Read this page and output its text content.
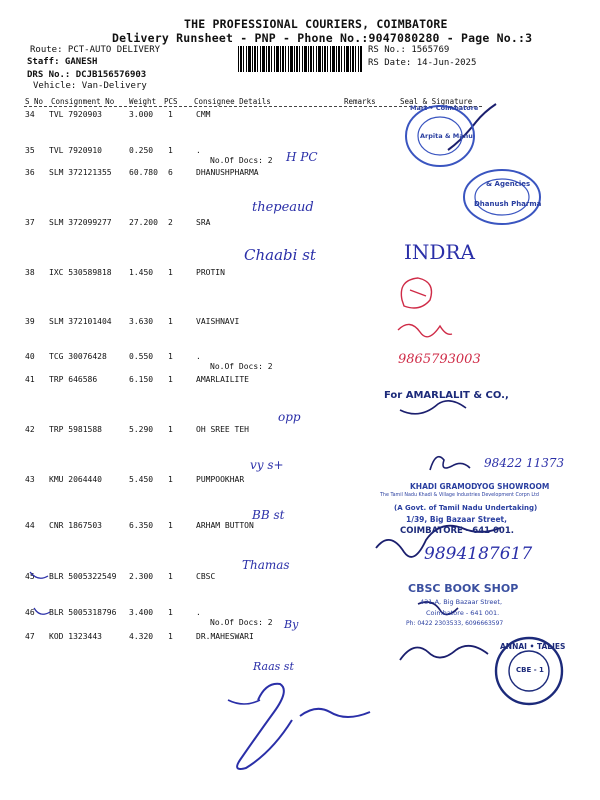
THE PROFESSIONAL COURIERS, COIMBATORE
Delivery Runsheet - PNP - Phone No.:9047080280 - Page No.:3
Route: PCT-AUTO DELIVERY
Staff: GANESH
DRS No.: DCJB156576903
Vehicle: Van-Delivery
RS No.: 1565769
RS Date: 14-Jun-2025
S No Consignment No Weight PCS Consignee Details	Remarks	Seal & Signature
34 TVL 7920903	3.000 1	CMM
35 TVL 7920910	0.250 1	.
No.Of Docs: 2
36 SLM 372121355 60.780 6	DHANUSHPHARMA
37 SLM 372099277 27.200 2	SRA
38 IXC 530589818 1.450 1	PROTIN
39 SLM 372101404 3.630 1	VAISHNAVI
40 TCG 30076428	0.550 1	.
No.Of Docs: 2
41 TRP 646586	6.150 1	AMARLAILITE
42 TRP 5981588	5.290 1	OH SREE TEH
43 KMU 2064440	5.450 1	PUMPOOKHAR
44 CNR 1867503	6.350 1	ARHAM BUTTON
45 BLR 5005322549 2.300 1	CBSC
46 BLR 5005318796 3.400 1	.
No.Of Docs: 2
47 KOD 1323443	4.320 1	DR.MAHESWARI
H PC
thepeaud
Chaabi st	INDRA
9865793003
opp
vy s+	98422 11373
BB st
Thamas
9894187617
By
Raas st
Mart • Coimbatore
Arpita & Manu
& Agencies
Dhanush Pharma
For AMARLALIT & CO.,
KHADI GRAMODYOG SHOWROOM
The Tamil Nadu Khadi & Village Industries Development Corpn Ltd
(A Govt. of Tamil Nadu Undertaking)
1/39, Big Bazaar Street,
COIMBATORE - 641 001.
CBSC BOOK SHOP
431-A, Big Bazaar Street,
Coimbatore - 641 001.
Ph: 0422 2303533, 6096663597
ANNAI • TALIES
CBE - 1
